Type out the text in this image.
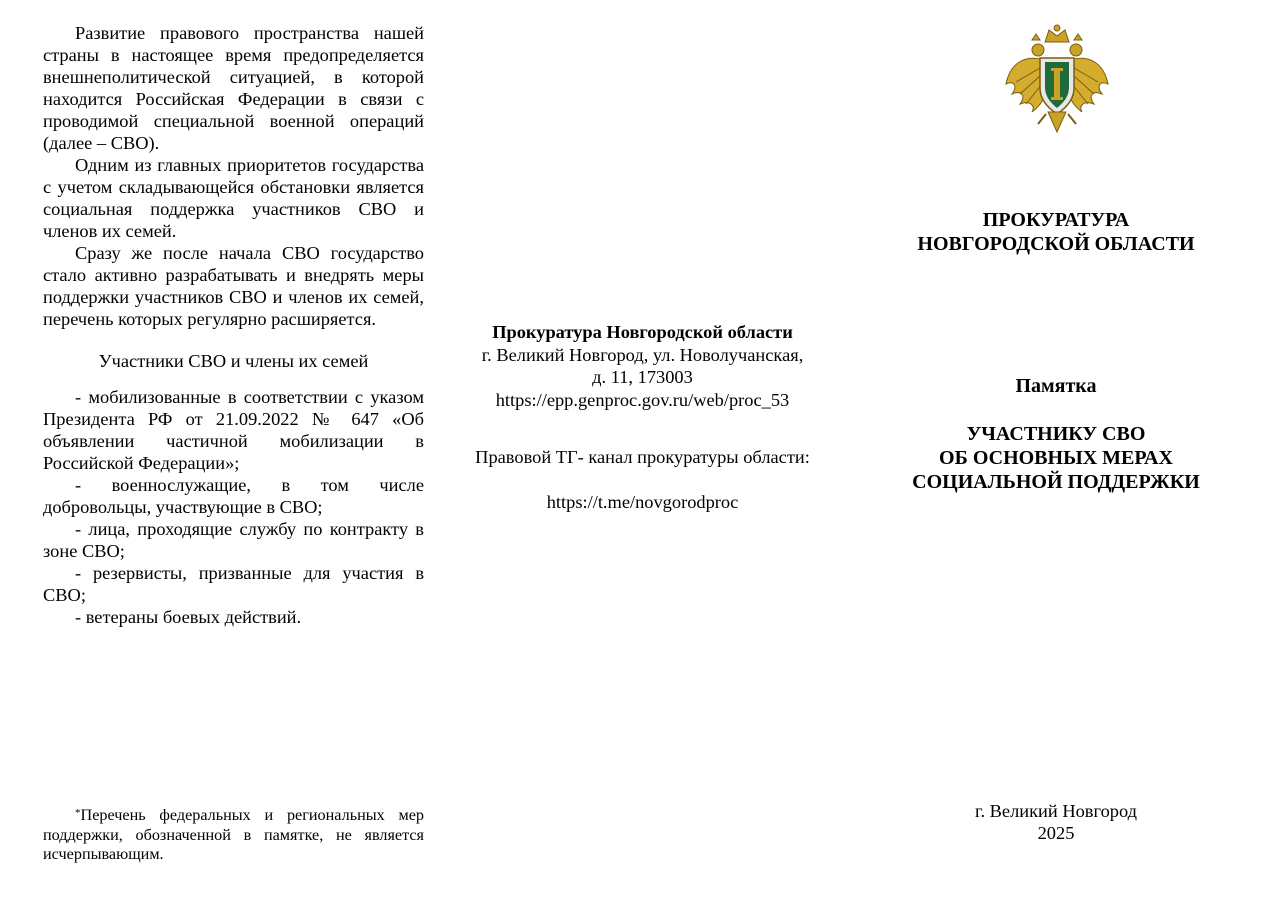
Развитие правового пространства нашей страны в настоящее время предопределяется внешнеполитической ситуацией, в которой находится Российская Федерации в связи с проводимой специальной военной операций (далее – СВО).

Одним из главных приоритетов государства с учетом складывающейся обстановки является социальная поддержка участников СВО и членов их семей.

Сразу же после начала СВО государство стало активно разрабатывать и внедрять меры поддержки участников СВО и членов их семей, перечень которых регулярно расширяется.

Участники СВО и члены их семей

- мобилизованные в соответствии с указом Президента РФ от 21.09.2022 № 647 «Об объявлении частичной мобилизации в Российской Федерации»;

- военнослужащие, в том числе добровольцы, участвующие в СВО;

- лица, проходящие службу по контракту в зоне СВО;

- резервисты, призванные для участия в СВО;

- ветераны боевых действий.

*Перечень федеральных и региональных мер поддержки, обозначенной в памятке, не является исчерпывающим.
Прокуратура Новгородской области
г. Великий Новгород, ул. Новолучанская,
д. 11, 173003
https://epp.genproc.gov.ru/web/proc_53
Правовой ТГ- канал прокуратуры области:
https://t.me/novgorodproc
ПРОКУРАТУРА
НОВГОРОДСКОЙ ОБЛАСТИ
Памятка
УЧАСТНИКУ СВО
ОБ ОСНОВНЫХ МЕРАХ
СОЦИАЛЬНОЙ ПОДДЕРЖКИ
г. Великий Новгород
2025
